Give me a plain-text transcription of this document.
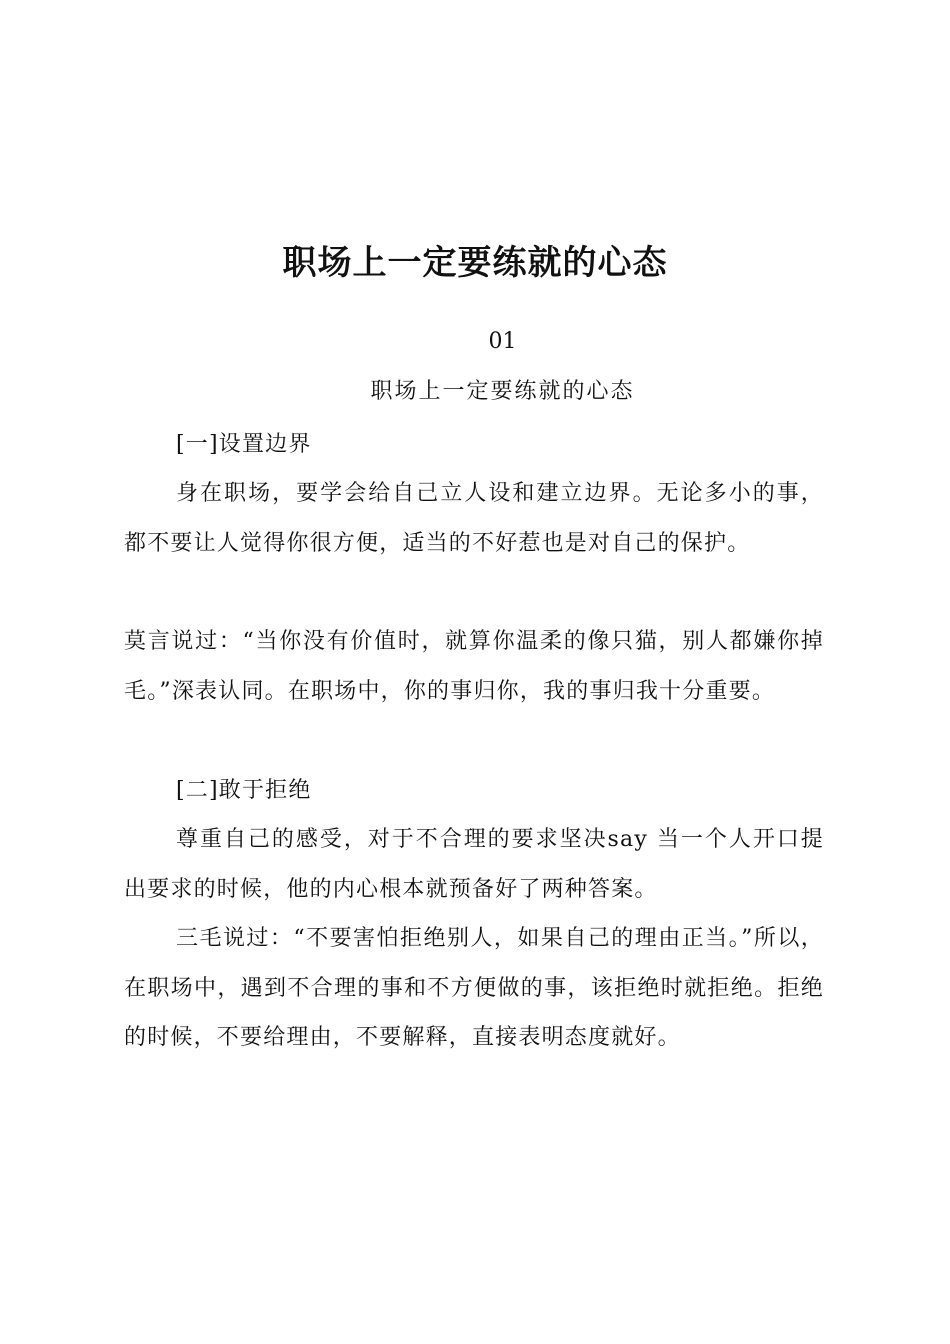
职场上一定要练就的心态
01
职场上一定要练就的心态

[一]设置边界

身在职场，要学会给自己立人设和建立边界。无论多小的事，都不要让人觉得你很方便，适当的不好惹也是对自己的保护。

莫言说过：“当你没有价值时，就算你温柔的像只猫，别人都嫌你掉毛。”深表认同。在职场中，你的事归你，我的事归我十分重要。

[二]敢于拒绝

尊重自己的感受，对于不合理的要求坚决say 当一个人开口提出要求的时候，他的内心根本就预备好了两种答案。

三毛说过：“不要害怕拒绝别人，如果自己的理由正当。”所以，在职场中，遇到不合理的事和不方便做的事，该拒绝时就拒绝。拒绝的时候，不要给理由，不要解释，直接表明态度就好。
